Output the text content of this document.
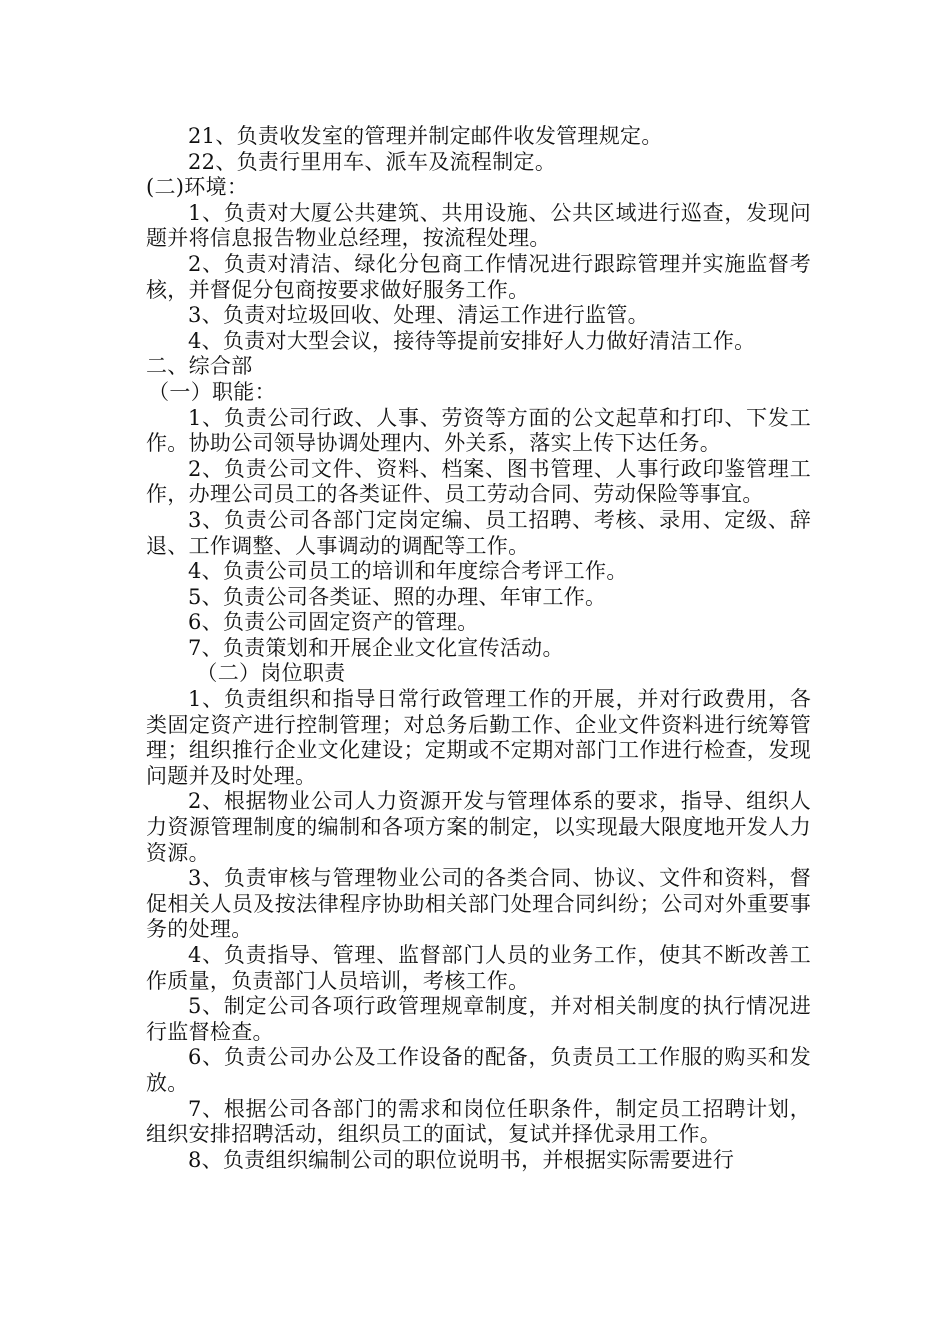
21、负责收发室的管理并制定邮件收发管理规定。

22、负责行里用车、派车及流程制定。

(二)环境：

1、负责对大厦公共建筑、共用设施、公共区域进行巡查，发现问题并将信息报告物业总经理，按流程处理。

2、负责对清洁、绿化分包商工作情况进行跟踪管理并实施监督考核，并督促分包商按要求做好服务工作。

3、负责对垃圾回收、处理、清运工作进行监管。

4、负责对大型会议，接待等提前安排好人力做好清洁工作。

二、综合部

（一）职能：

1、负责公司行政、人事、劳资等方面的公文起草和打印、下发工作。协助公司领导协调处理内、外关系，落实上传下达任务。

2、负责公司文件、资料、档案、图书管理、人事行政印鉴管理工作，办理公司员工的各类证件、员工劳动合同、劳动保险等事宜。

3、负责公司各部门定岗定编、员工招聘、考核、录用、定级、辞退、工作调整、人事调动的调配等工作。

4、负责公司员工的培训和年度综合考评工作。

5、负责公司各类证、照的办理、年审工作。

6、负责公司固定资产的管理。

7、负责策划和开展企业文化宣传活动。

（二）岗位职责

1、负责组织和指导日常行政管理工作的开展，并对行政费用，各类固定资产进行控制管理；对总务后勤工作、企业文件资料进行统筹管理；组织推行企业文化建设；定期或不定期对部门工作进行检查，发现问题并及时处理。

2、根据物业公司人力资源开发与管理体系的要求，指导、组织人力资源管理制度的编制和各项方案的制定，以实现最大限度地开发人力资源。

3、负责审核与管理物业公司的各类合同、协议、文件和资料，督促相关人员及按法律程序协助相关部门处理合同纠纷；公司对外重要事务的处理。

4、负责指导、管理、监督部门人员的业务工作，使其不断改善工作质量，负责部门人员培训，考核工作。

5、制定公司各项行政管理规章制度，并对相关制度的执行情况进行监督检查。

6、负责公司办公及工作设备的配备，负责员工工作服的购买和发放。

7、根据公司各部门的需求和岗位任职条件，制定员工招聘计划，组织安排招聘活动，组织员工的面试，复试并择优录用工作。

8、负责组织编制公司的职位说明书，并根据实际需要进行
